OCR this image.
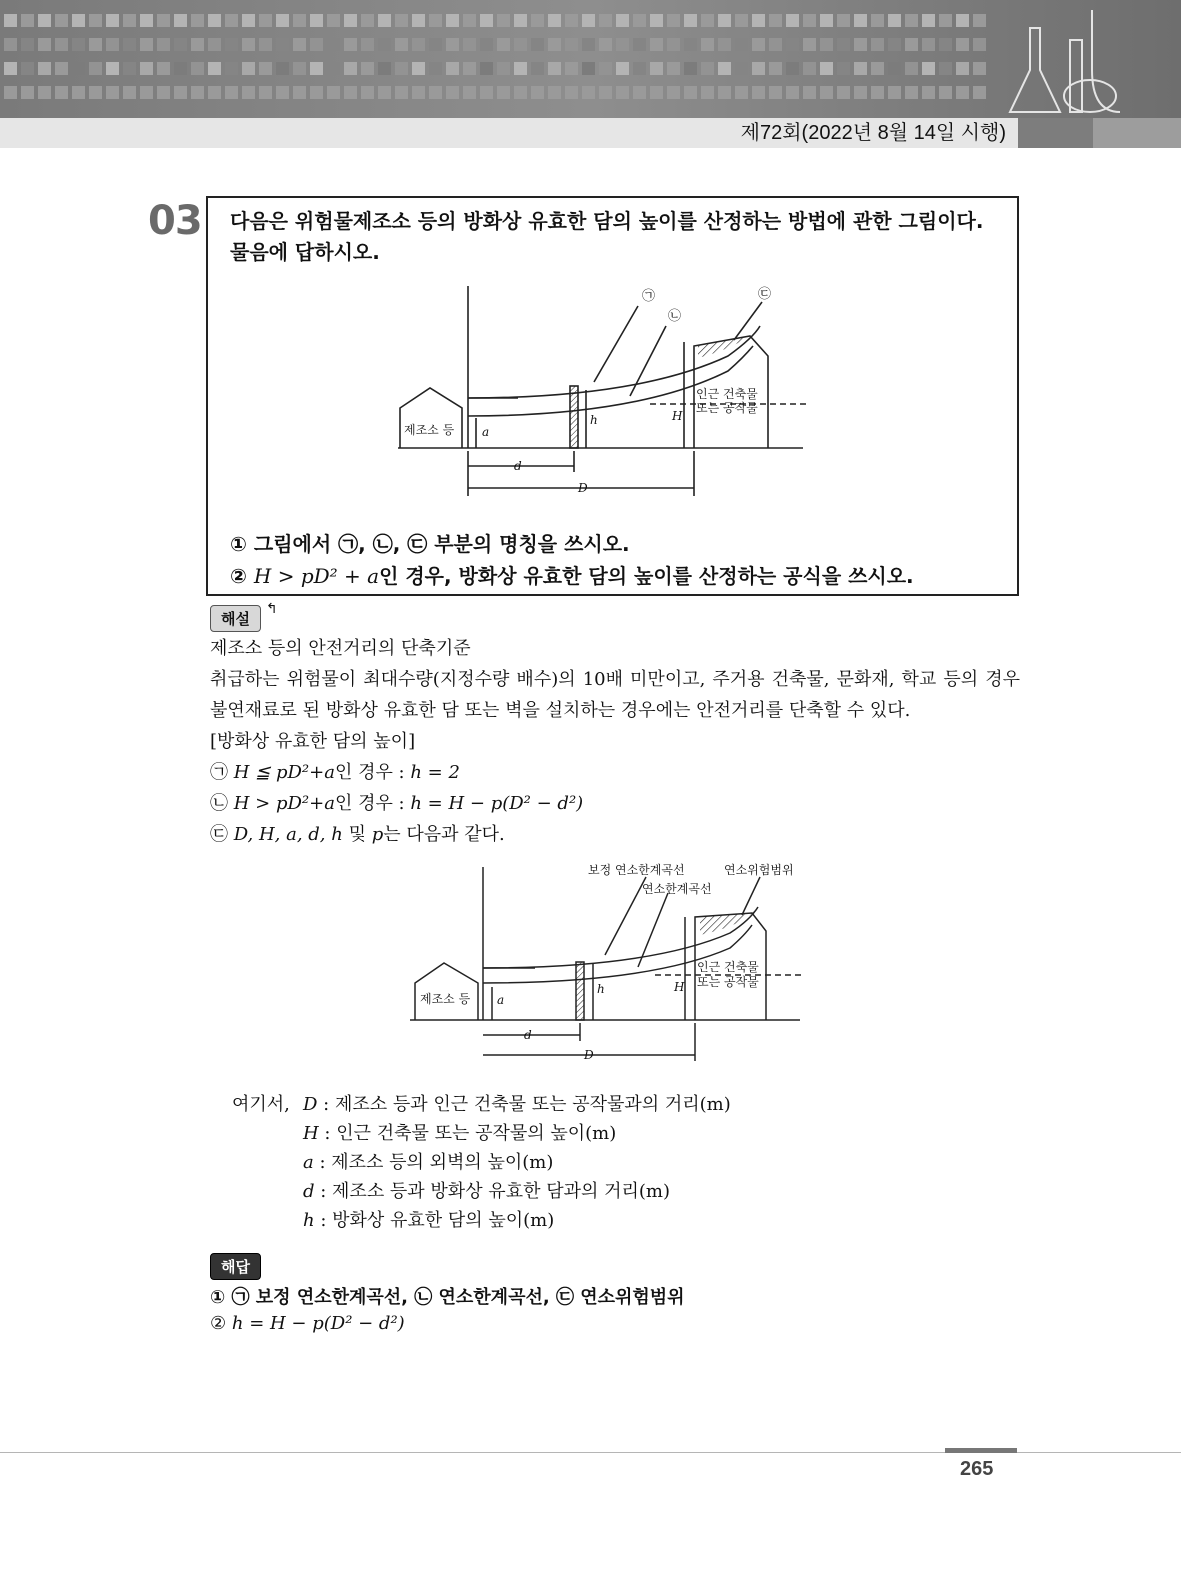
제72회(2022년 8월 14일 시행)
03 다음은 위험물제조소 등의 방화상 유효한 담의 높이를 산정하는 방법에 관한 그림이다. 물음에 답하시오.
제조소 등
인근 건축물
또는 공작물
a
h	H
d
D
㉠
㉡
㉢
① 그림에서 ㉠, ㉡, ㉢ 부분의 명칭을 쓰시오.
② H > pD² + a인 경우, 방화상 유효한 담의 높이를 산정하는 공식을 쓰시오.
해설
↰
제조소 등의 안전거리의 단축기준
취급하는 위험물이 최대수량(지정수량 배수)의 10배 미만이고, 주거용 건축물, 문화재, 학교 등의 경우 불연재료로 된 방화상 유효한 담 또는 벽을 설치하는 경우에는 안전거리를 단축할 수 있다.
[방화상 유효한 담의 높이]
㉠ H ≦ pD²+a인 경우 : h = 2
㉡ H > pD²+a인 경우 : h = H − p(D² − d²)
㉢ D, H, a, d, h 및 p는 다음과 같다.
보정 연소한계곡선
연소한계곡선
연소위험범위
제조소 등
인근 건축물
또는 공작물
a
h	H
d
D
여기서, D : 제조소 등과 인근 건축물 또는 공작물과의 거리(m)
H : 인근 건축물 또는 공작물의 높이(m)
a : 제조소 등의 외벽의 높이(m)
d : 제조소 등과 방화상 유효한 담과의 거리(m)
h : 방화상 유효한 담의 높이(m)
해답
① ㉠ 보정 연소한계곡선, ㉡ 연소한계곡선, ㉢ 연소위험범위
② h = H − p(D² − d²)
265
